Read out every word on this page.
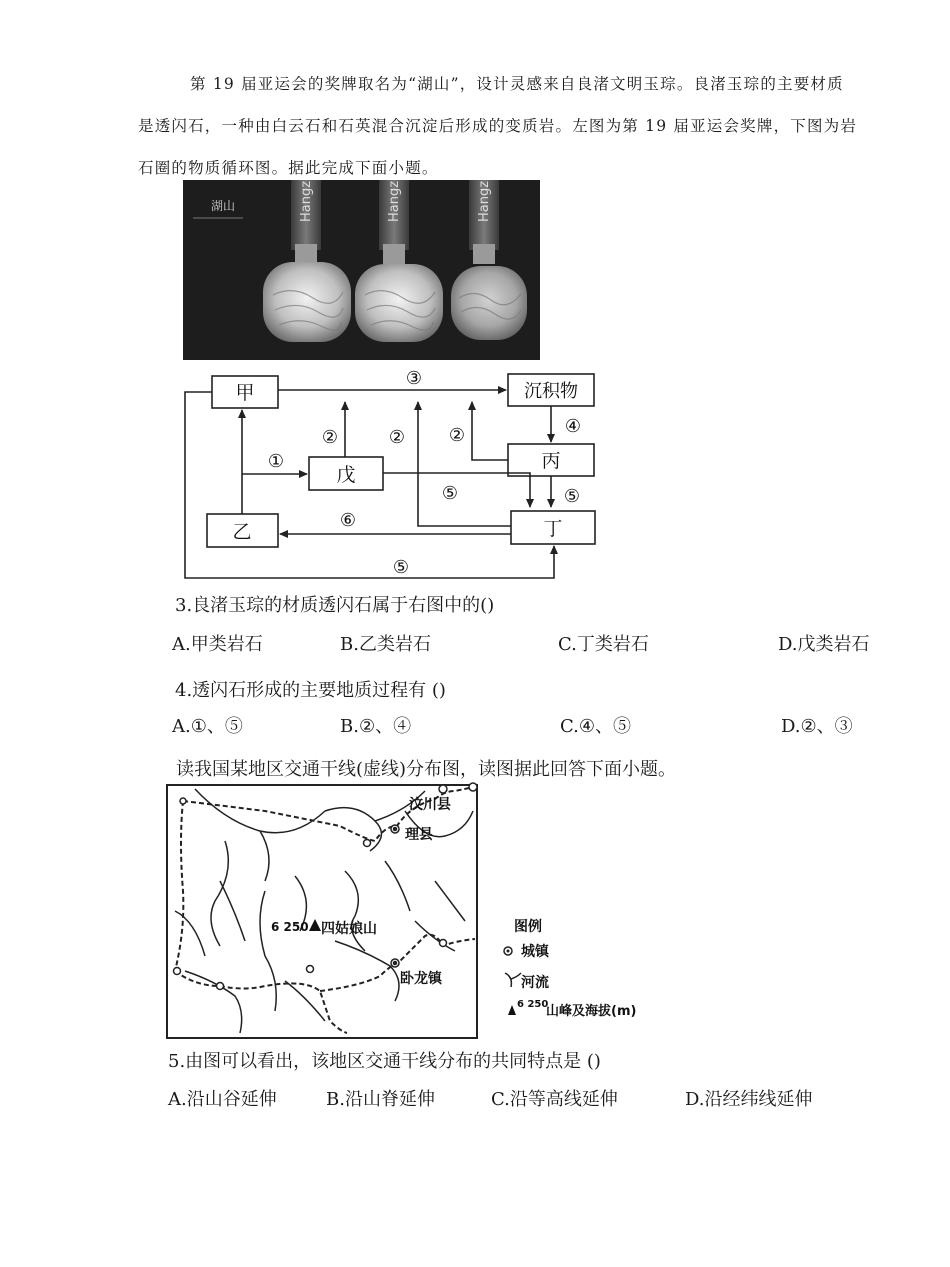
第 19 届亚运会的奖牌取名为“湖山”，设计灵感来自良渚文明玉琮。良渚玉琮的主要材质
是透闪石，一种由白云石和石英混合沉淀后形成的变质岩。左图为第 19 届亚运会奖牌，下图为岩
石圈的物质循环图。据此完成下面小题。
Hangzhou	Hangzhou	Hangzhou
湖山
甲	沉积物
戊
丙
乙	丁
③
①
②	② ②	④
⑤	⑤
⑥
⑤
3.良渚玉琮的材质透闪石属于右图中的()
A.甲类岩石	B.乙类岩石	C.丁类岩石	D.戊类岩石
4.透闪石形成的主要地质过程有 ()
A.①、⑤	B.②、④	C.④、⑤	D.②、③
读我国某地区交通干线(虚线)分布图，读图据此回答下面小题。
汶川县
理县
卧龙镇
6 250 四姑娘山	图例
城镇
河流
6 250
山峰及海拔(m)
5.由图可以看出，该地区交通干线分布的共同特点是 ()
A.沿山谷延伸	B.沿山脊延伸	C.沿等高线延伸	D.沿经纬线延伸
